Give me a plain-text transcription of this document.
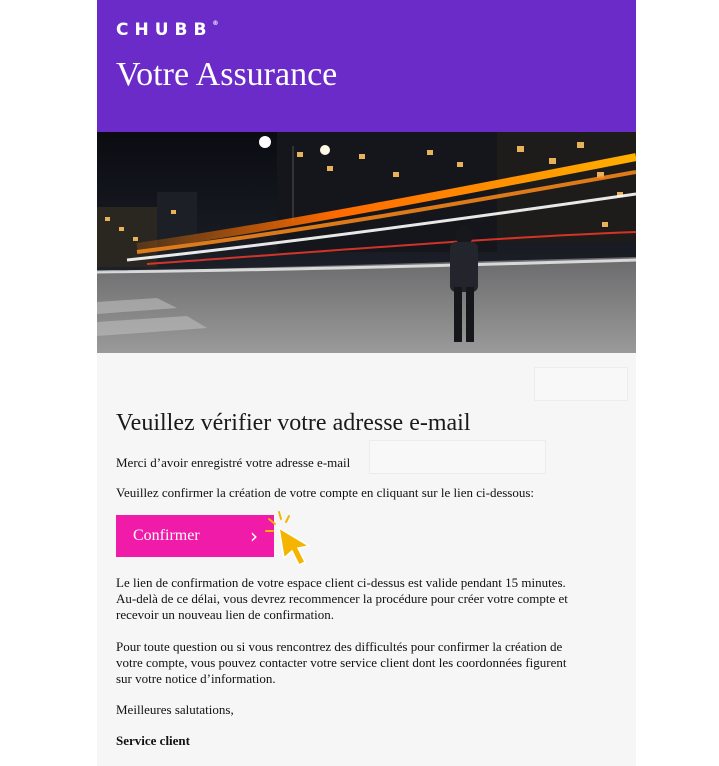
CHUBB®
Votre Assurance
Veuillez vérifier votre adresse e-mail
Merci d’avoir enregistré votre adresse e-mail
Veuillez confirmer la création de votre compte en cliquant sur le lien ci-dessous:
Confirmer	›
Le lien de confirmation de votre espace client ci-dessus est valide pendant 15 minutes.
Au-delà de ce délai, vous devrez recommencer la procédure pour créer votre compte et
recevoir un nouveau lien de confirmation.
Pour toute question ou si vous rencontrez des difficultés pour confirmer la création de
votre compte, vous pouvez contacter votre service client dont les coordonnées figurent
sur votre notice d’information.
Meilleures salutations,
Service client
